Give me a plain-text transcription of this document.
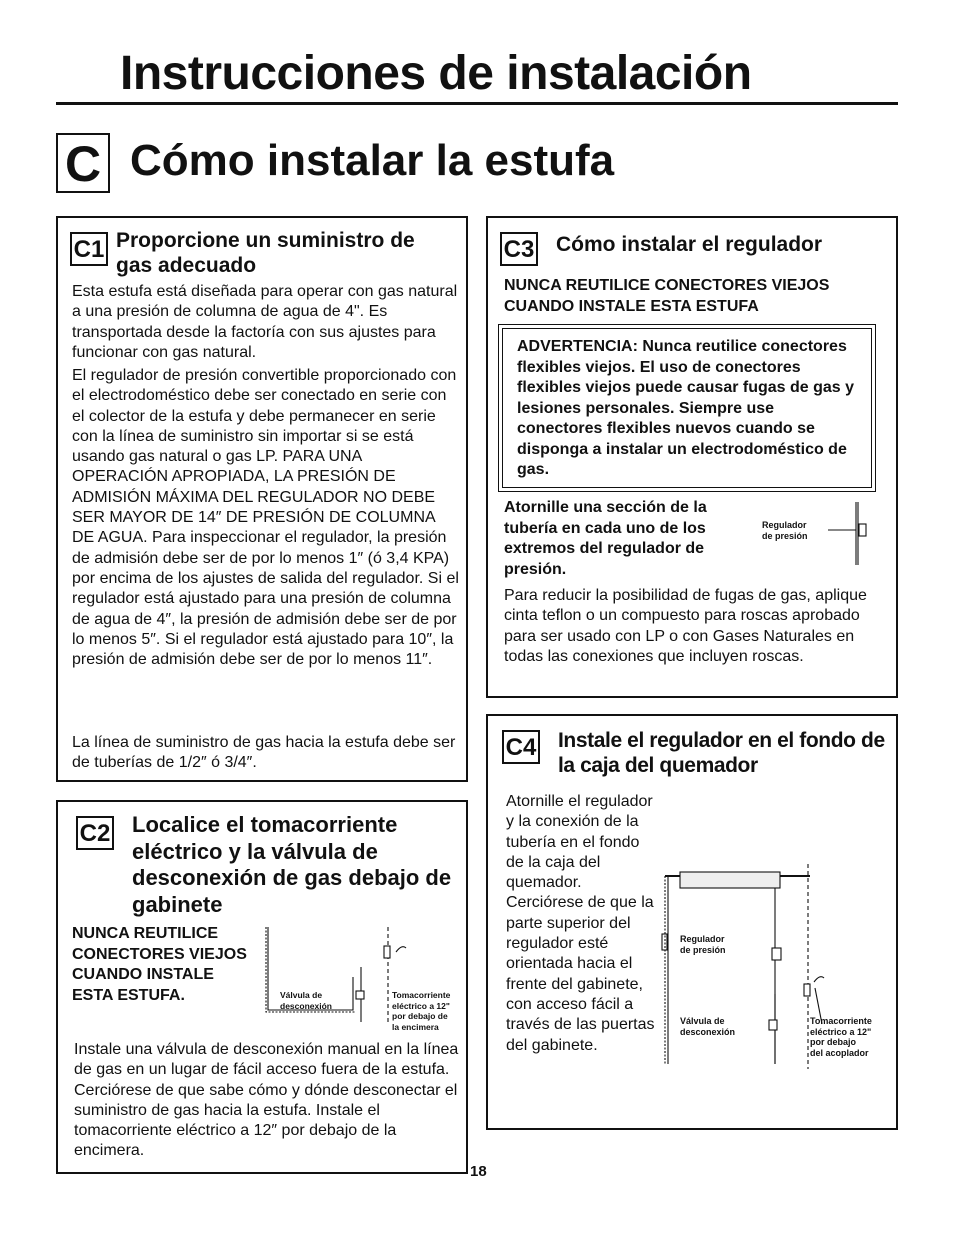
Instrucciones de instalación
C Cómo instalar la estufa
C1 Proporcione un suministro de gas adecuado

Esta estufa está diseñada para operar con gas natural a una presión de columna de agua de 4". Es transportada desde la factoría con sus ajustes para funcionar con gas natural.

El regulador de presión convertible proporcionado con el electrodoméstico debe ser conectado en serie con el colector de la estufa y debe permanecer en serie con la línea de suministro sin importar si se está usando gas natural o gas LP. PARA UNA OPERACIÓN APROPIADA, LA PRESIÓN DE ADMISIÓN MÁXIMA DEL REGULADOR NO DEBE SER MAYOR DE 14″ DE PRESIÓN DE COLUMNA DE AGUA. Para inspeccionar el regulador, la presión de admisión debe ser de por lo menos 1″ (ó 3,4 KPA) por encima de los ajustes de salida del regulador. Si el regulador está ajustado para una presión de columna de agua de 4″, la presión de admisión debe ser de por lo menos 5″. Si el regulador está ajustado para 10″, la presión de admisión debe ser de por lo menos 11″.

La línea de suministro de gas hacia la estufa debe ser de tuberías de 1/2″ ó 3/4″.

C2 Localice el tomacorriente eléctrico y la válvula de desconexión de gas debajo de gabinete

NUNCA REUTILICE CONECTORES VIEJOS CUANDO INSTALE ESTA ESTUFA.	Válvula de
desconexión
Tomacorriente
eléctrico a 12"
por debajo de
la encimera

Instale una válvula de desconexión manual en la línea de gas en un lugar de fácil acceso fuera de la estufa. Cerciórese de que sabe cómo y dónde desconectar el suministro de gas hacia la estufa. Instale el tomacorriente eléctrico a 12″ por debajo de la encimera.

18
C3 Cómo instalar el regulador

NUNCA REUTILICE CONECTORES VIEJOS CUANDO INSTALE ESTA ESTUFA

ADVERTENCIA: Nunca reutilice conectores flexibles viejos. El uso de conectores flexibles viejos puede causar fugas de gas y lesiones personales. Siempre use conectores flexibles nuevos cuando se disponga a instalar un electrodoméstico de gas.

Atornille una sección de la tubería en cada uno de los extremos del regulador de presión.

Regulador
de presión

Para reducir la posibilidad de fugas de gas, aplique cinta teflon o un compuesto para roscas aprobado para ser usado con LP o con Gases Naturales en todas las conexiones que incluyen roscas.

C4 Instale el regulador en el fondo de la caja del quemador

Atornille el regulador y la conexión de la tubería en el fondo de la caja del quemador. Cerciórese de que la parte superior del regulador esté orientada hacia el frente del gabinete, con acceso fácil a través de las puertas del gabinete.

Regulador
de presión
Válvula de
desconexión
Tomacorriente
eléctrico a 12"
por debajo
del acoplador
